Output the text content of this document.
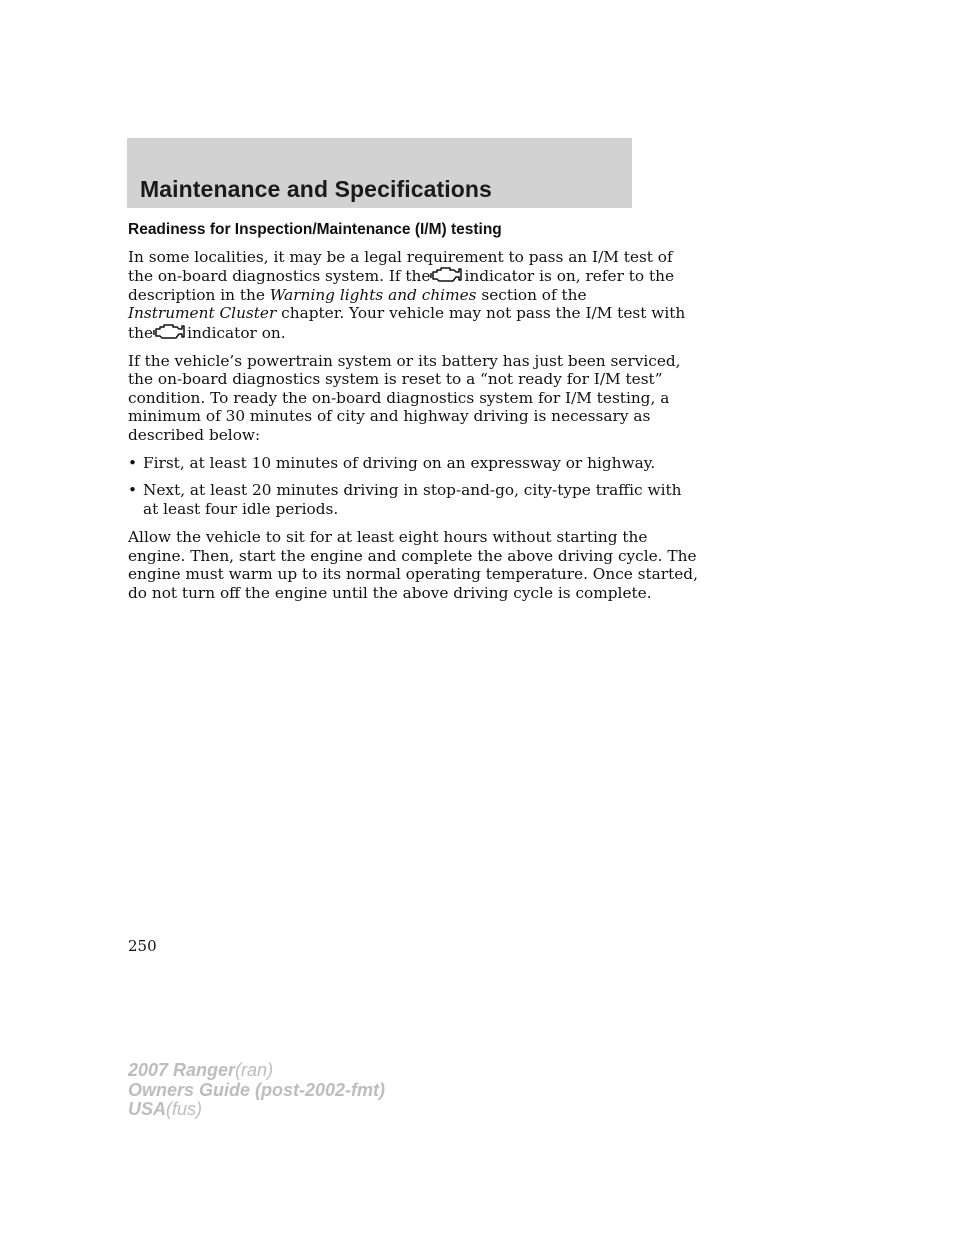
Maintenance and Specifications
Readiness for Inspection/Maintenance (I/M) testing

In some localities, it may be a legal requirement to pass an I/M test of
the on-board diagnostics system. If the indicator is on, refer to the
description in the Warning lights and chimes section of the
Instrument Cluster chapter. Your vehicle may not pass the I/M test with
the indicator on.

If the vehicle’s powertrain system or its battery has just been serviced,
the on-board diagnostics system is reset to a “not ready for I/M test”
condition. To ready the on-board diagnostics system for I/M testing, a
minimum of 30 minutes of city and highway driving is necessary as
described below:

• First, at least 10 minutes of driving on an expressway or highway.
• Next, at least 20 minutes driving in stop-and-go, city-type traffic with
at least four idle periods.

Allow the vehicle to sit for at least eight hours without starting the
engine. Then, start the engine and complete the above driving cycle. The
engine must warm up to its normal operating temperature. Once started,
do not turn off the engine until the above driving cycle is complete.

250
2007 Ranger(ran)
Owners Guide (post-2002-fmt)
USA(fus)
